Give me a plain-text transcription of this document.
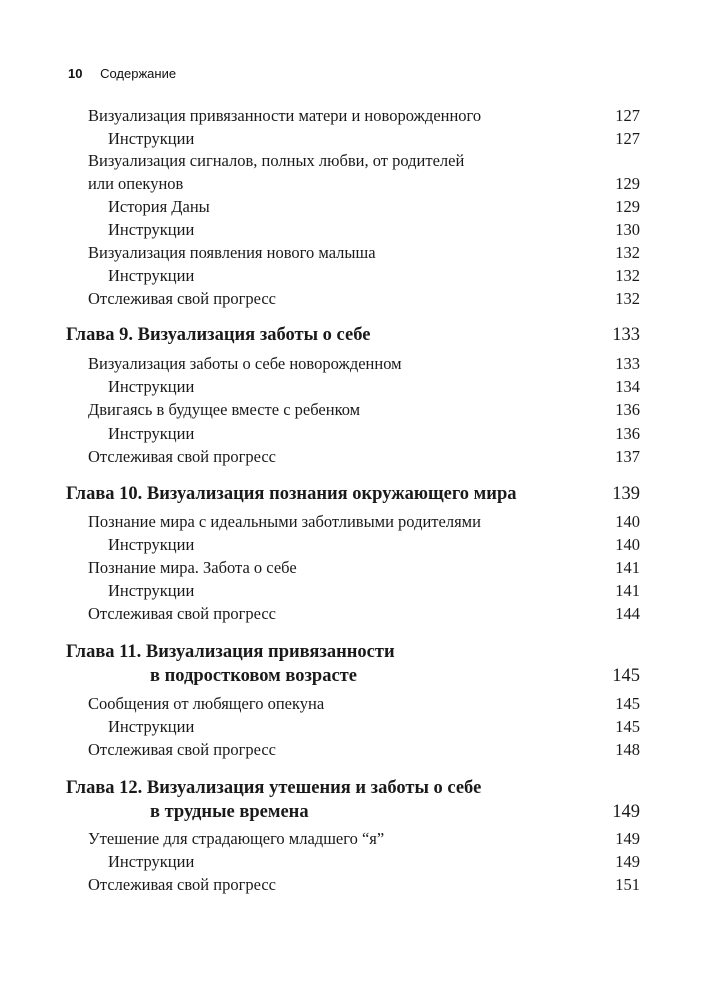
10 Содержание
Визуализация привязанности матери и новорожденного	127
Инструкции	127
Визуализация сигналов, полных любви, от родителей
или опекунов	129
История Даны	129
Инструкции	130
Визуализация появления нового малыша	132
Инструкции	132
Отслеживая свой прогресс	132
Глава 9. Визуализация заботы о себе	133
Визуализация заботы о себе новорожденном	133
Инструкции	134
Двигаясь в будущее вместе с ребенком	136
Инструкции	136
Отслеживая свой прогресс	137
Глава 10. Визуализация познания окружающего мира	139
Познание мира с идеальными заботливыми родителями	140
Инструкции	140
Познание мира. Забота о себе	141
Инструкции	141
Отслеживая свой прогресс	144
Глава 11. Визуализация привязанности
в подростковом возрасте	145
Сообщения от любящего опекуна	145
Инструкции	145
Отслеживая свой прогресс	148
Глава 12. Визуализация утешения и заботы о себе
в трудные времена	149
Утешение для страдающего младшего “я”	149
Инструкции	149
Отслеживая свой прогресс	151
